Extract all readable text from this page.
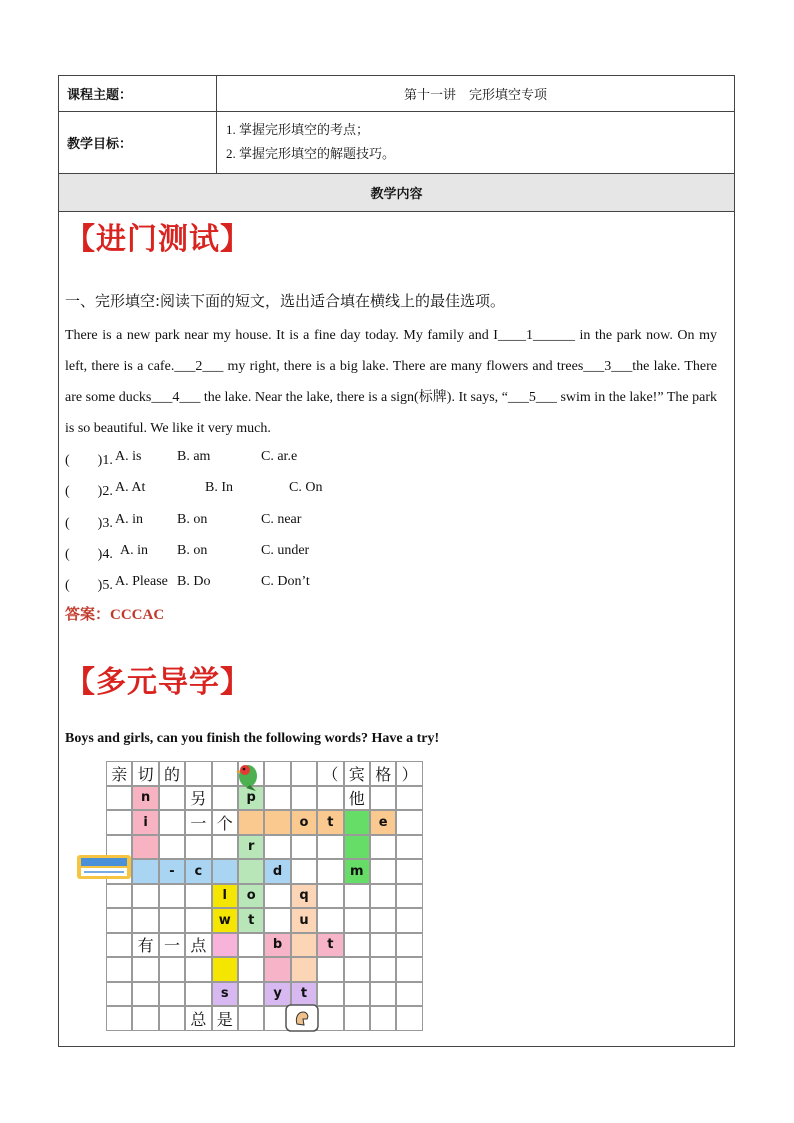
课程主题：	第十一讲　完形填空专项
教学目标：
1. 掌握完形填空的考点；
2. 掌握完形填空的解题技巧。
教学内容
【进门测试】
一、完形填空:阅读下面的短文，选出适合填在横线上的最佳选项。
There is a new park near my house. It is a fine day today. My family and I____1______ in the park now. On my left, there is a cafe.___2___ my right, there is a big lake. There are many flowers and trees___3___the lake. There are some ducks___4___ the lake. Near the lake, there is a sign(标牌). It says, “___5___ swim in the lake!” The park is so beautiful. We like it very much.
(　　)1. A. is	B. am	C. ar.e
(　　)2. A. At	B. In	C. On
(　　)3. A. in B. on	C. near
(　　)4. A. in B. on	C. under
(　　)5. A. Please B. Do	C. Don’t
答案：CCCAC
【多元导学】
Boys and girls, can you finish the following words? Have a try!
亲 切 的	（ 宾 格 ）
n	另	p	他
i	一 个	o	t	e
r
-	c	d	m
l	o	q
w	t	u
有 一 点	b	t
s	y	t
总 是
